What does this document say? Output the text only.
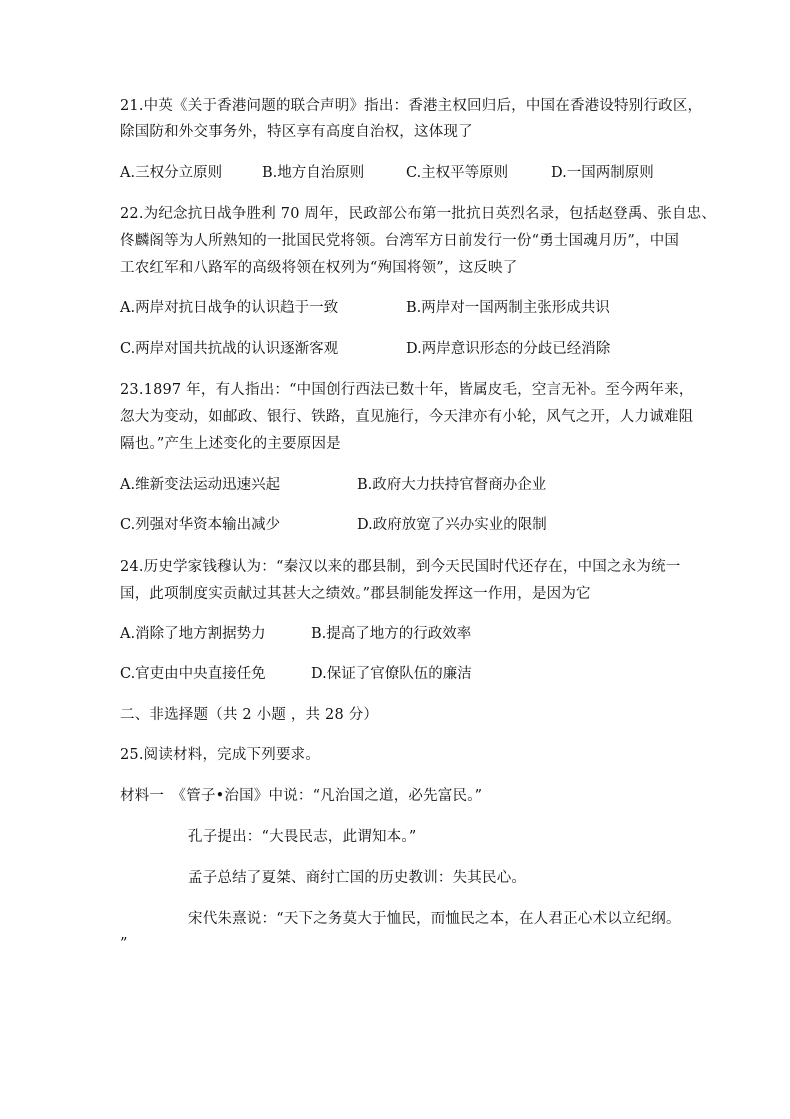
21.中英《关于香港问题的联合声明》指出：香港主权回归后，中国在香港设特别行政区，
除国防和外交事务外，特区享有高度自治权，这体现了
A.三权分立原则	B.地方自治原则	C.主权平等原则	D.一国两制原则
22.为纪念抗日战争胜利 70 周年，民政部公布第一批抗日英烈名录，包括赵登禹、张自忠、
佟麟阁等为人所熟知的一批国民党将领。台湾军方日前发行一份“勇士国魂月历”，中国
工农红军和八路军的高级将领在权列为“殉国将领”，这反映了
A.两岸对抗日战争的认识趋于一致	B.两岸对一国两制主张形成共识
C.两岸对国共抗战的认识逐渐客观	D.两岸意识形态的分歧已经消除
23.1897 年，有人指出：“中国创行西法已数十年，皆属皮毛，空言无补。至今两年来，
忽大为变动，如邮政、银行、铁路，直见施行，今天津亦有小轮，风气之开，人力诚难阻
隔也。”产生上述变化的主要原因是
A.维新变法运动迅速兴起	B.政府大力扶持官督商办企业
C.列强对华资本输出减少	D.政府放宽了兴办实业的限制
24.历史学家钱穆认为：“秦汉以来的郡县制，到今天民国时代还存在，中国之永为统一
国，此项制度实贡献过其甚大之绩效。”郡县制能发挥这一作用，是因为它
A.消除了地方割据势力	B.提高了地方的行政效率
C.官吏由中央直接任免	D.保证了官僚队伍的廉洁
二、非选择题（共 2 小题 ，共 28 分）
25.阅读材料，完成下列要求。
材料一　《管子•治国》中说：“凡治国之道，必先富民。”
孔子提出：“大畏民志，此谓知本。”
孟子总结了夏桀、商纣亡国的历史教训：失其民心。
宋代朱熹说：“天下之务莫大于恤民，而恤民之本，在人君正心术以立纪纲。
”
